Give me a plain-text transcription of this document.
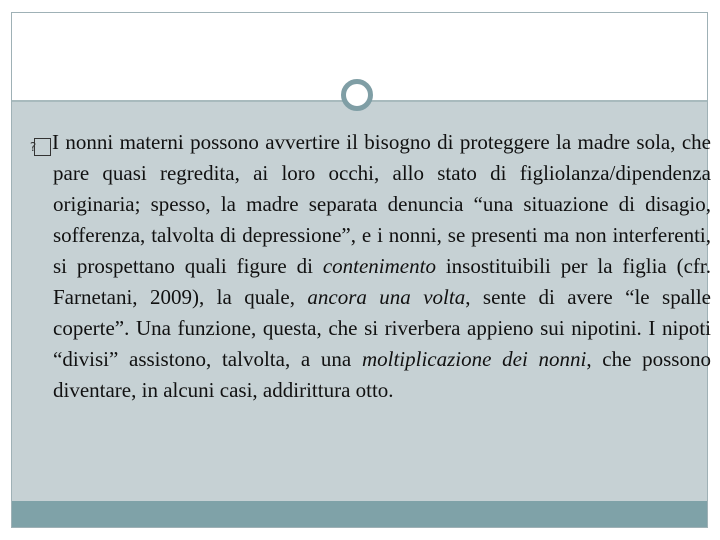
? I nonni materni possono avvertire il bisogno di proteggere la madre sola, che pare quasi regredita, ai loro occhi, allo stato di figliolanza/dipendenza originaria; spesso, la madre separata denuncia “una situazione di disagio, sofferenza, talvolta di depressione”, e i nonni, se presenti ma non interferenti, si prospettano quali figure di contenimento insostituibili per la figlia (cfr. Farnetani, 2009), la quale, ancora una volta, sente di avere “le spalle coperte”. Una funzione, questa, che si riverbera appieno sui nipotini. I nipoti “divisi” assistono, talvolta, a una moltiplicazione dei nonni, che possono diventare, in alcuni casi, addirittura otto.
